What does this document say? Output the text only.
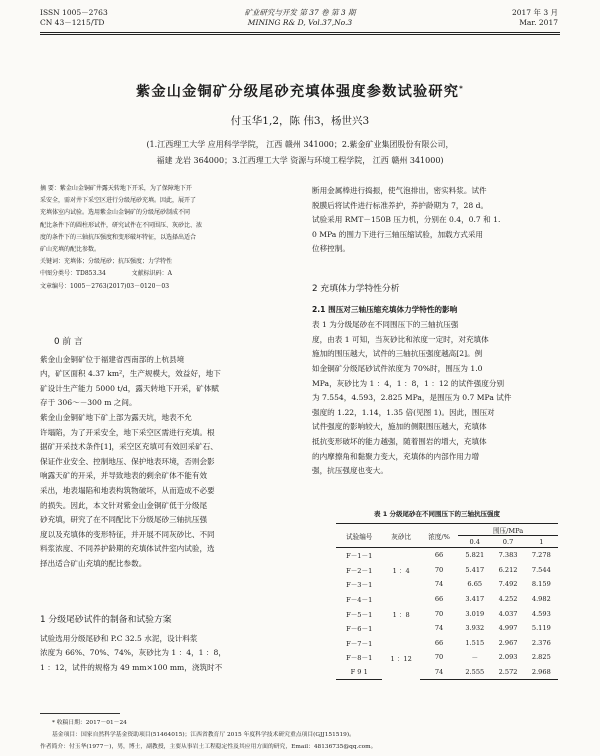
ISSN 1005－2763
CN 43－1215/TD
矿业研究与开发 第 37 卷 第 3 期
MINING R& D, Vol.37,No.3
2017 年 3 月
Mar. 2017
紫金山金铜矿分级尾砂充填体强度参数试验研究*
付玉华1,2，陈 伟3，杨世兴3
(1.江西理工大学 应用科学学院， 江西 赣州 341000；2.紫金矿业集团股份有限公司，
福建 龙岩 364000；3.江西理工大学 资源与环境工程学院， 江西 赣州 341000)
摘 要：紫金山金铜矿井露天转地下开采，为了保障地下开
采安全，需对井下采空区进行分级尾砂充填。因此，展开了
充填体室内试验。选用紫金山金铜矿的分级尾砂制成不同
配比条件下的圆柱形试件，研究试件在不同围压、灰砂比、浓
度的条件下的三轴抗压强度和变形破坏特征，以选择出适合
矿山充填的配比参数。
关键词：充填体；分级尾砂；抗压强度；力学特性
中图分类号：TD853.34	文献标识码：A
文章编号：1005－2763(2017)03－0120－03
0 前 言
紫金山金铜矿位于福建省西南部的上杭县境
内，矿区面积 4.37 km²，生产规模大，效益好，地下
矿设计生产能力 5000 t/d，露天转地下开采，矿体赋
存于 306～－300 m 之间。
紫金山金铜矿地下矿上部为露天坑，地表不允
许塌陷，为了开采安全，地下采空区需进行充填。根
据矿开采技术条件[1]，采空区充填可有效回采矿石、
保证作业安全、控制地压、保护地表环境，否则会影
响露天矿的开采，并导致地表的剩余矿体不能有效
采出，地表塌陷和地表构筑物破坏，从而造成不必要
的损失。因此，本文针对紫金山金铜矿低于分级尾
砂充填，研究了在不同配比下分级尾砂三轴抗压强
度以及充填体的变形特征，并开展不同灰砂比、不同
料浆浓度、不同养护龄期的充填体试件室内试验，选
择出适合矿山充填的配比参数。
1 分级尾砂试件的制备和试验方案
试验选用分级尾砂和 P.C 32.5 水泥，设计料浆
浓度为 66%、70%、74%，灰砂比为 1 ：4，1 ：8，
1 ：12，试件的规格为 49 mm×100 mm，浇筑时不
断用金属棒进行捣振，使气泡排出，密实料浆。试件
脱膜后将试件进行标准养护，养护龄期为 7，28 d。
试验采用 RMT－150B 压力机，分别在 0.4，0.7 和 1.
0 MPa 的围力下进行三轴压缩试验，加载方式采用
位移控制。
2 充填体力学特性分析
2.1 围压对三轴压缩充填体力学特性的影响
表 1 为分级尾砂在不同围压下的三轴抗压强
度，由表 1 可知，当灰砂比和浓度一定时，对充填体
施加的围压越大，试件的三轴抗压强度越高[2]。例
如金铜矿分级尾砂试件浓度为 70%时，围压为 1.0
MPa，灰砂比为 1 ：4，1 ：8，1 ：12 的试件强度分别
为 7.554，4.593，2.825 MPa，是围压为 0.7 MPa 试件
强度的 1.22，1.14，1.35 倍(见图 1)。因此，围压对
试件强度的影响较大，施加的侧限围压越大，充填体
抵抗变形破坏的能力越强，随着围岩的增大，充填体
的内摩擦角和黏聚力变大，充填体的内部作用力增
强，抗压强度也变大。
表 1 分级尾砂在不同围压下的三轴抗压强度
试验编号	灰砂比	浓度/%	围压/MPa		
			0.4	0.7	1
F－1－1	1 ：4	66	5.821	7.383	7.278
F－2－1		70	5.417	6.212	7.544
F－3－1		74	6.65	7.492	8.159
F－4－1	1 ：8	66	3.417	4.252	4.982
F－5－1		70	3.019	4.037	4.593
F－6－1		74	3.932	4.997	5.119
F－7－1	1 ：12	66	1.515	2.967	2.376
F－8－1		70	－	2.093	2.825
F 9 1		74	2.555	2.572	2.968
* 收稿日期：2017－01－24
基金项目：国家自然科学基金资助项目(51464015)；江西省教育厅 2015 年度科学技术研究重点项目(GJJ151519)。
作者简介：付玉华(1977－)，男，博士，副教授，主要从事岩土工程稳定性及其应用方面的研究，Email：48136735@qq.com。
